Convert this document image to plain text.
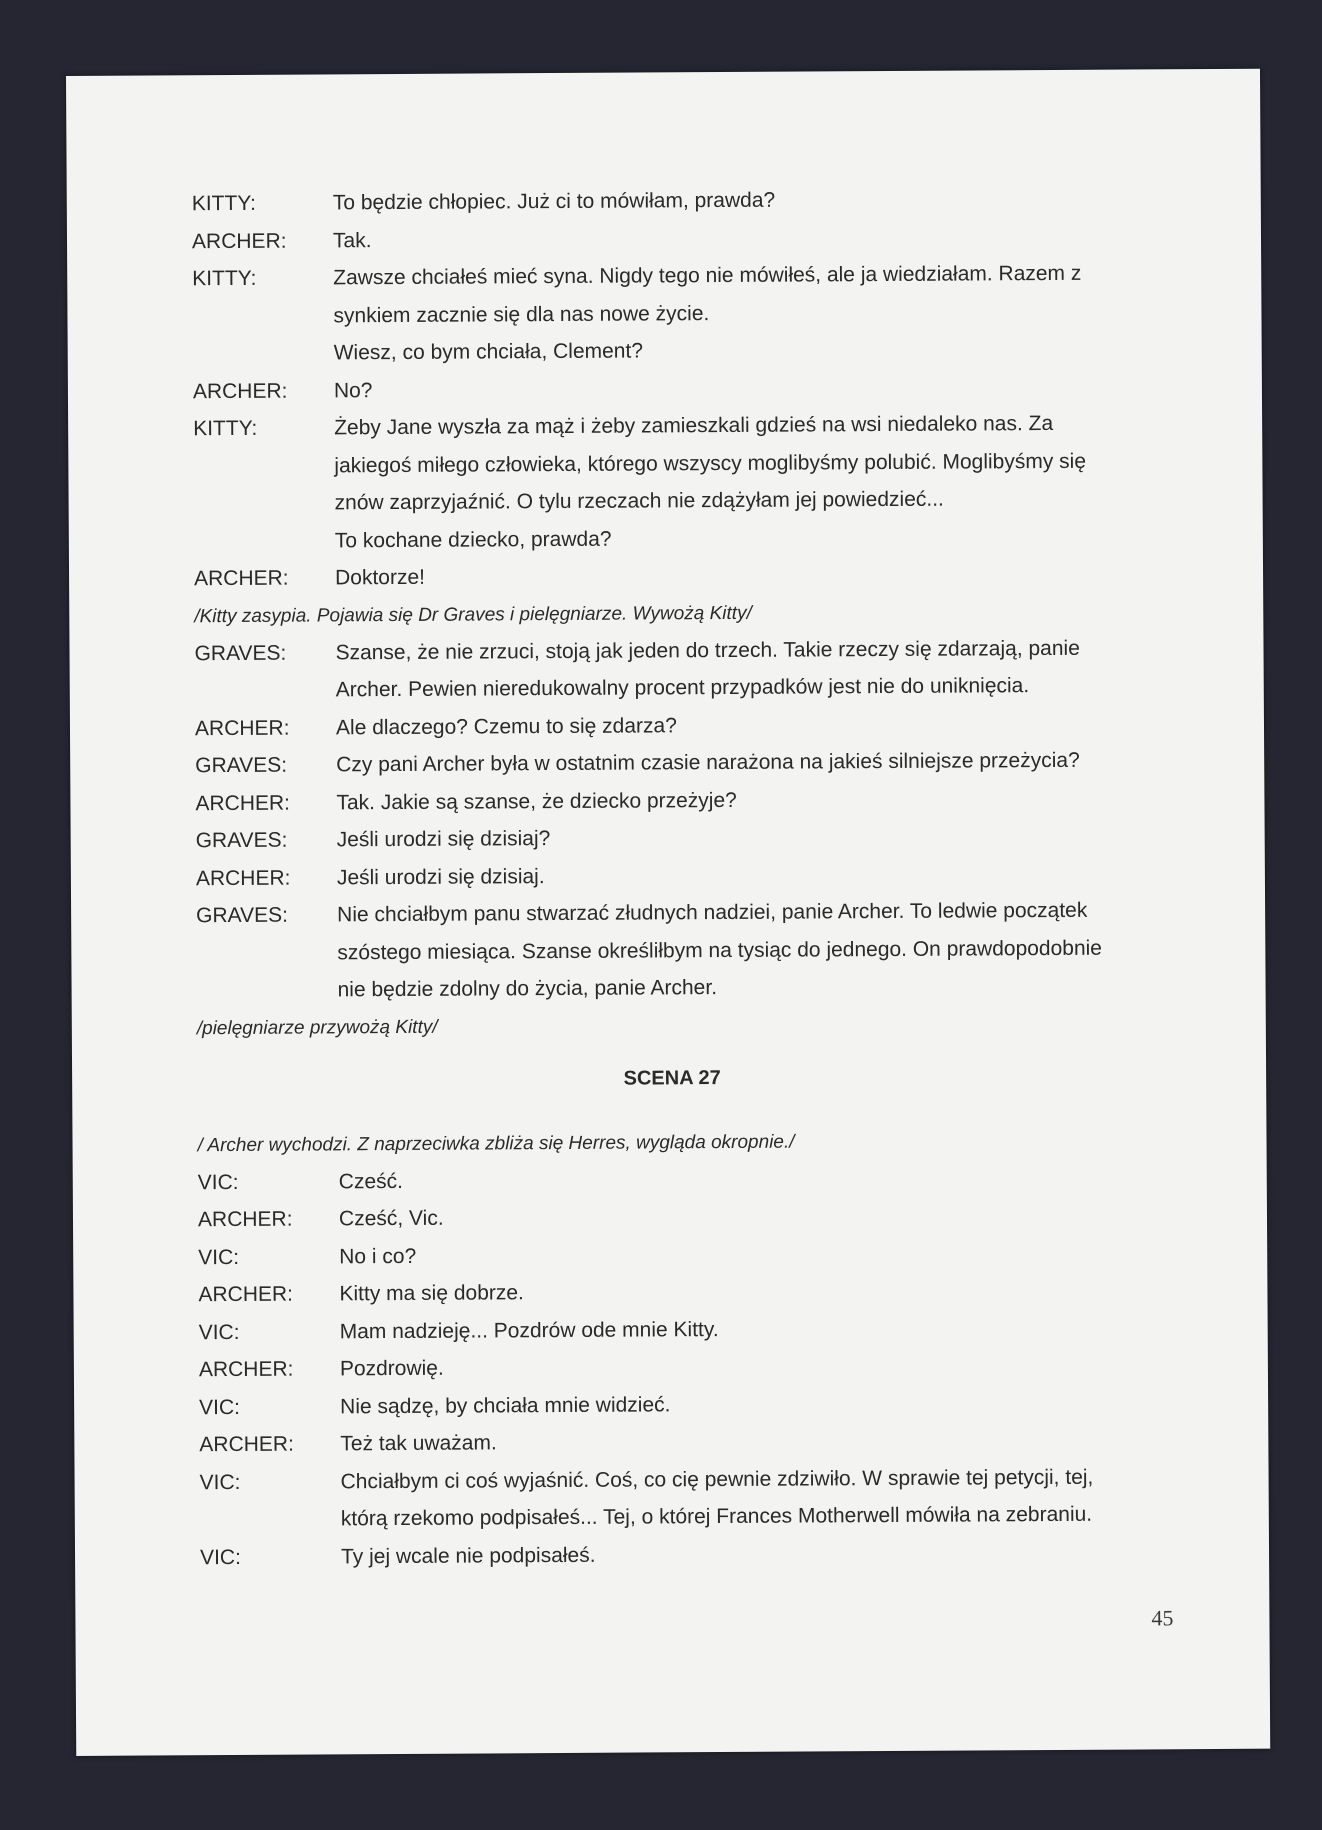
KITTY:	To będzie chłopiec. Już ci to mówiłam, prawda?
ARCHER:	Tak.
KITTY:	Zawsze chciałeś mieć syna. Nigdy tego nie mówiłeś, ale ja wiedziałam. Razem z
synkiem zacznie się dla nas nowe życie.
Wiesz, co bym chciała, Clement?
ARCHER:	No?
KITTY:	Żeby Jane wyszła za mąż i żeby zamieszkali gdzieś na wsi niedaleko nas. Za
jakiegoś miłego człowieka, którego wszyscy moglibyśmy polubić. Moglibyśmy się
znów zaprzyjaźnić. O tylu rzeczach nie zdążyłam jej powiedzieć...
To kochane dziecko, prawda?
ARCHER:	Doktorze!
/Kitty zasypia. Pojawia się Dr Graves i pielęgniarze. Wywożą Kitty/
GRAVES:	Szanse, że nie zrzuci, stoją jak jeden do trzech. Takie rzeczy się zdarzają, panie
Archer. Pewien nieredukowalny procent przypadków jest nie do uniknięcia.
ARCHER:	Ale dlaczego? Czemu to się zdarza?
GRAVES:	Czy pani Archer była w ostatnim czasie narażona na jakieś silniejsze przeżycia?
ARCHER:	Tak. Jakie są szanse, że dziecko przeżyje?
GRAVES:	Jeśli urodzi się dzisiaj?
ARCHER:	Jeśli urodzi się dzisiaj.
GRAVES:	Nie chciałbym panu stwarzać złudnych nadziei, panie Archer. To ledwie początek
szóstego miesiąca. Szanse określiłbym na tysiąc do jednego. On prawdopodobnie
nie będzie zdolny do życia, panie Archer.
/pielęgniarze przywożą Kitty/
SCENA 27
/ Archer wychodzi. Z naprzeciwka zbliża się Herres, wygląda okropnie./
VIC:	Cześć.
ARCHER:	Cześć, Vic.
VIC:	No i co?
ARCHER:	Kitty ma się dobrze.
VIC:	Mam nadzieję... Pozdrów ode mnie Kitty.
ARCHER:	Pozdrowię.
VIC:	Nie sądzę, by chciała mnie widzieć.
ARCHER:	Też tak uważam.
VIC:	Chciałbym ci coś wyjaśnić. Coś, co cię pewnie zdziwiło. W sprawie tej petycji, tej,
którą rzekomo podpisałeś... Tej, o której Frances Motherwell mówiła na zebraniu.
VIC:	Ty jej wcale nie podpisałeś.
45
